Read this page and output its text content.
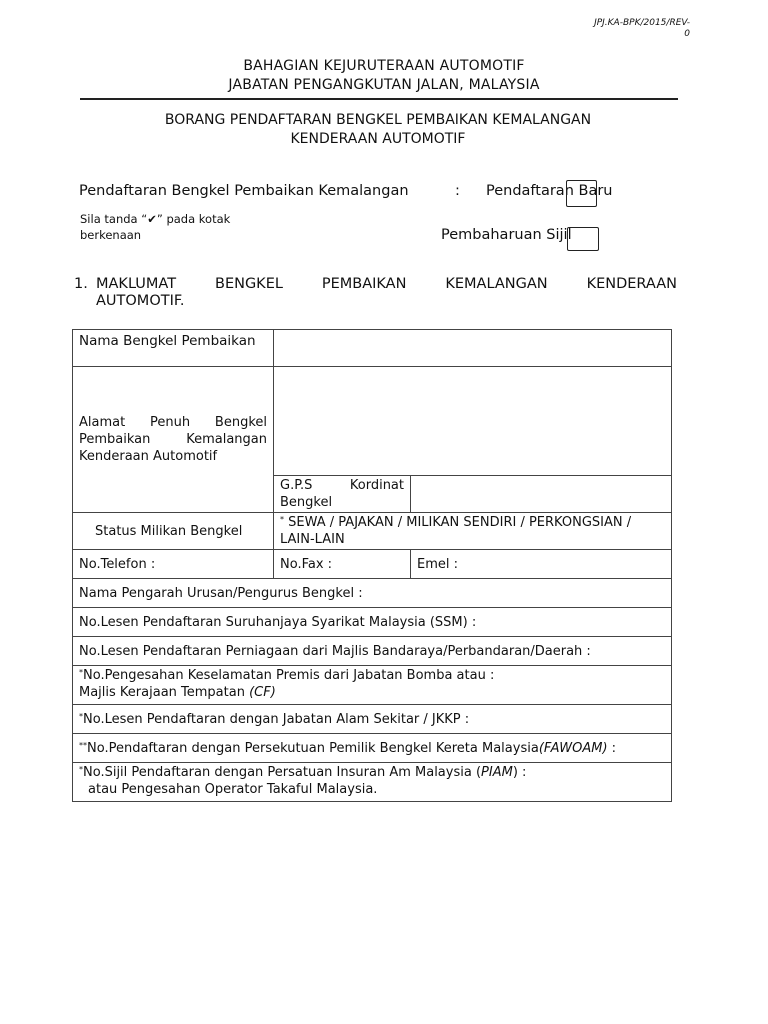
JPJ.KA-BPK/2015/REV-0
BAHAGIAN KEJURUTERAAN AUTOMOTIF
JABATAN PENGANGKUTAN JALAN, MALAYSIA
BORANG PENDAFTARAN BENGKEL PEMBAIKAN KEMALANGAN
KENDERAAN AUTOMOTIF
Pendaftaran Bengkel Pembaikan Kemalangan	: Pendaftaran Baru
Sila tanda “✔” pada kotak
berkenaan	Pembaharuan Sijil
1. MAKLUMAT BENGKEL PEMBAIKAN KEMALANGAN KENDERAAN
AUTOMOTIF.
Nama Bengkel Pembaikan		

Alamat Penuh Bengkel Pembaikan Kemalangan Kenderaan Automotif		

	G.P.S Kordinat Bengkel	

Status Milikan Bengkel	* SEWA / PAJAKAN / MILIKAN SENDIRI / PERKONGSIAN / LAIN-LAIN	
No.Telefon :	No.Fax :	Emel :
Nama Pengarah Urusan/Pengurus Bengkel :		
No.Lesen Pendaftaran Suruhanjaya Syarikat Malaysia (SSM) :		
No.Lesen Pendaftaran Perniagaan dari Majlis Bandaraya/Perbandaran/Daerah :		

*No.Pengesahan Keselamatan Premis dari Jabatan Bomba atau :
Majlis Kerajaan Tempatan (CF)		

*No.Lesen Pendaftaran dengan Jabatan Alam Sekitar / JKKP :		
**No.Pendaftaran dengan Persekutuan Pemilik Bengkel Kereta Malaysia(FAWOAM) :		

*No.Sijil Pendaftaran dengan Persatuan Insuran Am Malaysia (PIAM) :
atau Pengesahan Operator Takaful Malaysia.		
